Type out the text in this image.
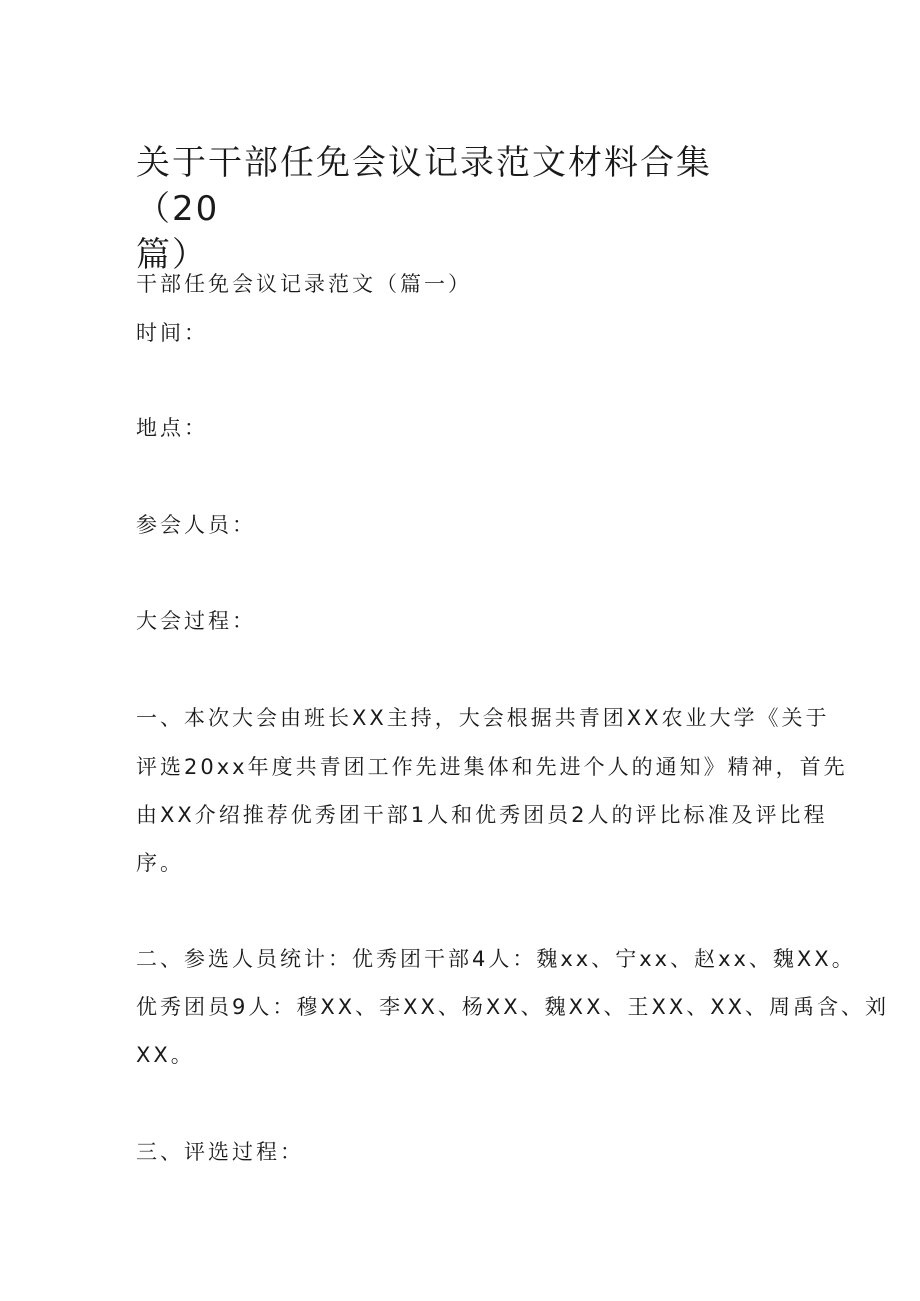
关于干部任免会议记录范文材料合集（20
篇）

干部任免会议记录范文（篇一）

时间：

地点：

参会人员：

大会过程：

一、本次大会由班长XX主持，大会根据共青团XX农业大学《关于

评选20xx年度共青团工作先进集体和先进个人的通知》精神，首先

由XX介绍推荐优秀团干部1人和优秀团员2人的评比标准及评比程

序。

二、参选人员统计：优秀团干部4人：魏xx、宁xx、赵xx、魏XX。

优秀团员9人：穆XX、李XX、杨XX、魏XX、王XX、XX、周禹含、刘

XX。

三、评选过程：
